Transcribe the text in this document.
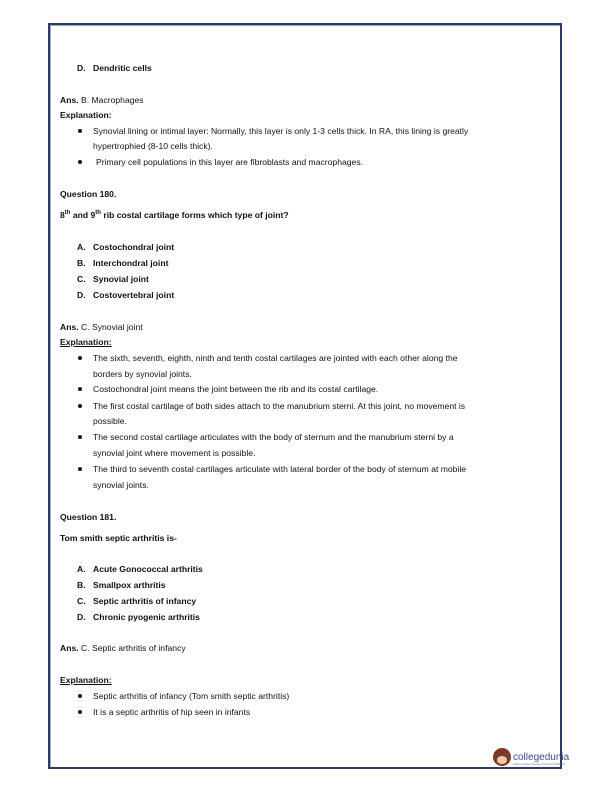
D. Dendritic cells
Ans. B. Macrophages
Explanation:
Synovial lining or intimal layer: Normally, this layer is only 1-3 cells thick. In RA, this lining is greatly
hypertrophied (8-10 cells thick).
Primary cell populations in this layer are fibroblasts and macrophages.
Question 180.
8th and 9th rib costal cartilage forms which type of joint?
A. Costochondral joint
B. Interchondral joint
C. Synovial joint
D. Costovertebral joint
Ans. C. Synovial joint
Explanation:
The sixth, seventh, eighth, ninth and tenth costal cartilages are jointed with each other along the
borders by synovial joints.
Costochondral joint means the joint between the rib and its costal cartilage.
The first costal cartilage of both sides attach to the manubrium sterni. At this joint, no movement is
possible.
The second costal cartilage articulates with the body of sternum and the manubrium sterni by a
synovial joint where movement is possible.
The third to seventh costal cartilages articulate with lateral border of the body of sternum at mobile
synovial joints.
Question 181.
Tom smith septic arthritis is-
A. Acute Gonococcal arthritis
B. Smallpox arthritis
C. Septic arthritis of infancy
D. Chronic pyogenic arthritis
Ans. C. Septic arthritis of infancy
Explanation:
Septic arthritis of infancy (Tom smith septic arthritis)
It is a septic arthritis of hip seen in infants
collegedunia
India's largest Student Review Platform
